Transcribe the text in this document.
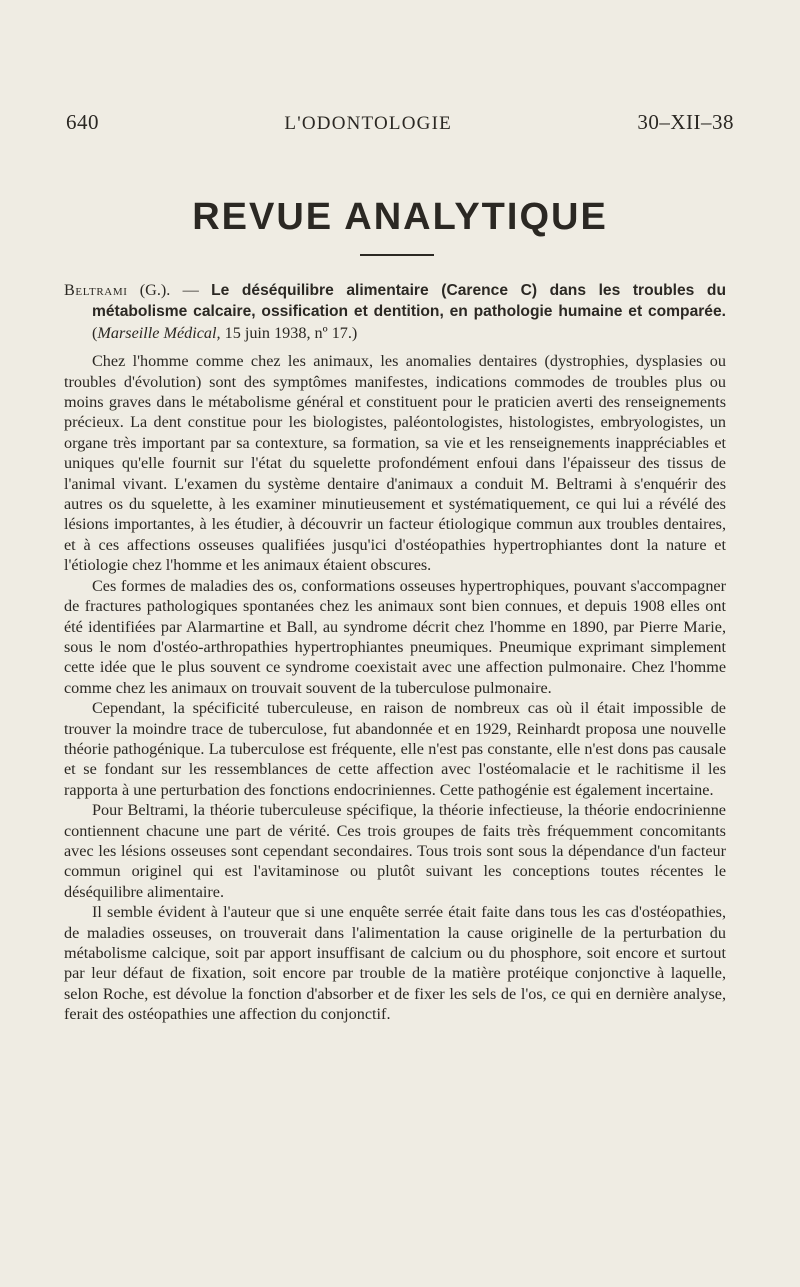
640	L'ODONTOLOGIE	30–XII–38
REVUE ANALYTIQUE

Beltrami (G.). — Le déséquilibre alimentaire (Carence C) dans les troubles du métabolisme calcaire, ossification et dentition, en pathologie humaine et comparée. (Marseille Médical, 15 juin 1938, nº 17.)

Chez l'homme comme chez les animaux, les anomalies dentaires (dystrophies, dysplasies ou troubles d'évolution) sont des symptômes manifestes, indications commodes de troubles plus ou moins graves dans le métabolisme général et constituent pour le praticien averti des renseignements précieux. La dent constitue pour les biologistes, paléontologistes, histologistes, embryologistes, un organe très important par sa contexture, sa formation, sa vie et les renseignements inappréciables et uniques qu'elle fournit sur l'état du squelette profondément enfoui dans l'épaisseur des tissus de l'animal vivant. L'examen du système dentaire d'animaux a conduit M. Beltrami à s'enquérir des autres os du squelette, à les examiner minutieusement et systématiquement, ce qui lui a révélé des lésions importantes, à les étudier, à découvrir un facteur étiologique commun aux troubles dentaires, et à ces affections osseuses qualifiées jusqu'ici d'ostéopathies hypertrophiantes dont la nature et l'étiologie chez l'homme et les animaux étaient obscures.

Ces formes de maladies des os, conformations osseuses hypertrophiques, pouvant s'accompagner de fractures pathologiques spontanées chez les animaux sont bien connues, et depuis 1908 elles ont été identifiées par Alarmartine et Ball, au syndrome décrit chez l'homme en 1890, par Pierre Marie, sous le nom d'ostéo-arthropathies hypertrophiantes pneumiques. Pneumique exprimant simplement cette idée que le plus souvent ce syndrome coexistait avec une affection pulmonaire. Chez l'homme comme chez les animaux on trouvait souvent de la tuberculose pulmonaire.

Cependant, la spécificité tuberculeuse, en raison de nombreux cas où il était impossible de trouver la moindre trace de tuberculose, fut abandonnée et en 1929, Reinhardt proposa une nouvelle théorie pathogénique. La tuberculose est fréquente, elle n'est pas constante, elle n'est dons pas causale et se fondant sur les ressemblances de cette affection avec l'ostéomalacie et le rachitisme il les rapporta à une perturbation des fonctions endocriniennes. Cette pathogénie est également incertaine.

Pour Beltrami, la théorie tuberculeuse spécifique, la théorie infectieuse, la théorie endocrinienne contiennent chacune une part de vérité. Ces trois groupes de faits très fréquemment concomitants avec les lésions osseuses sont cependant secondaires. Tous trois sont sous la dépendance d'un facteur commun originel qui est l'avitaminose ou plutôt suivant les conceptions toutes récentes le déséquilibre alimentaire.

Il semble évident à l'auteur que si une enquête serrée était faite dans tous les cas d'ostéopathies, de maladies osseuses, on trouverait dans l'alimentation la cause originelle de la perturbation du métabolisme calcique, soit par apport insuffisant de calcium ou du phosphore, soit encore et surtout par leur défaut de fixation, soit encore par trouble de la matière protéique conjonctive à laquelle, selon Roche, est dévolue la fonction d'absorber et de fixer les sels de l'os, ce qui en dernière analyse, ferait des ostéopathies une affection du conjonctif.
